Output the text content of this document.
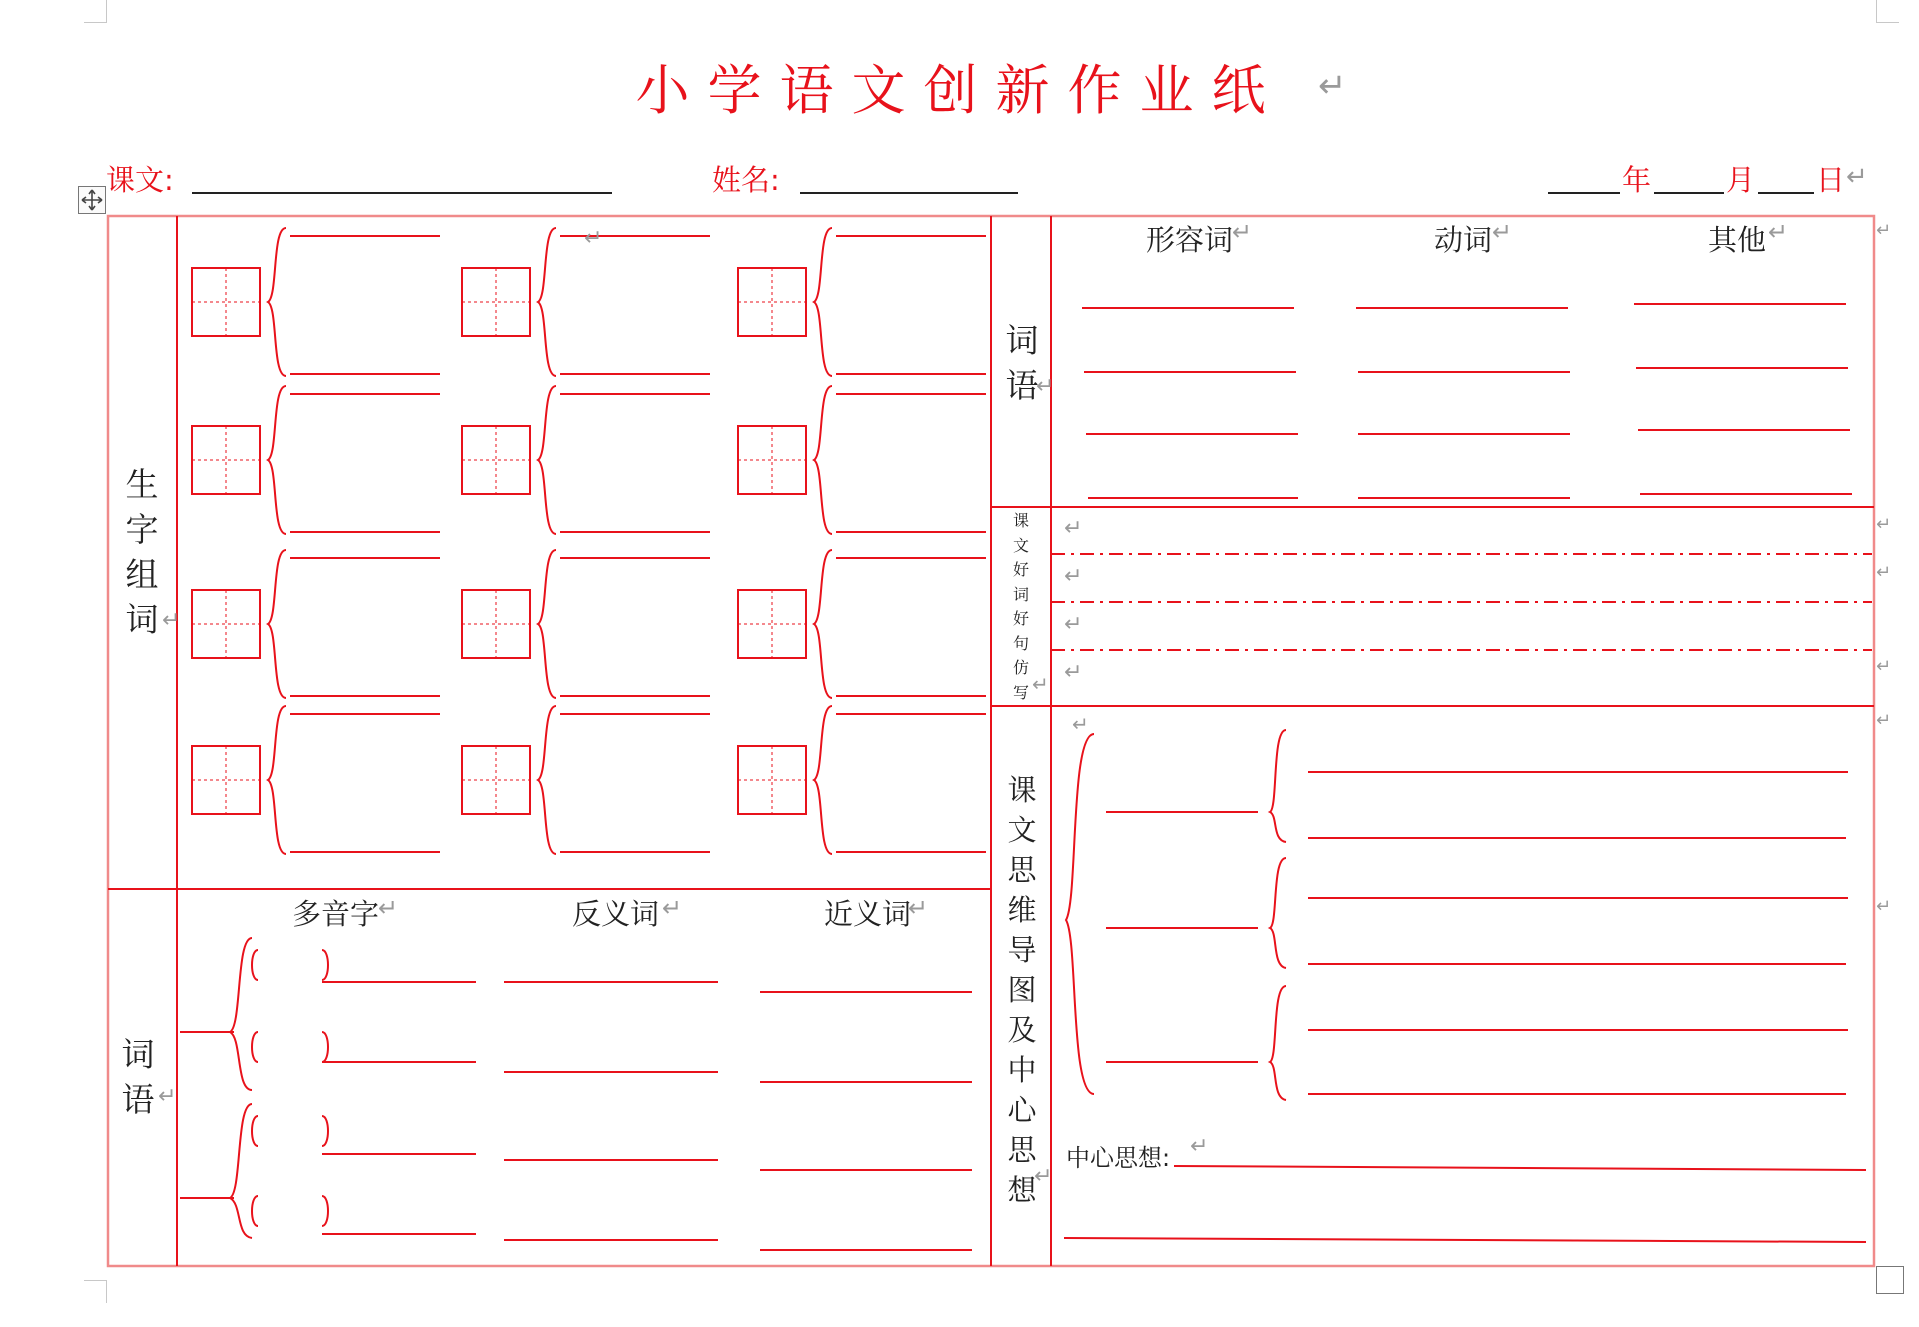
小学语文创新作业纸	↵
课文:	姓名:	年	月 日 ↵
生字组词
词语
多音字	反义词	近义词
词语
形容词	动词	其他
课文好词好句仿写
课文思维导图及中心思想
中心思想:
↵	↵	↵
↵	↵	↵
↵
↵
↵
↵
↵
↵
↵
↵
↵
↵
↵
↵
↵
↵
↵
↵
↵
↵
